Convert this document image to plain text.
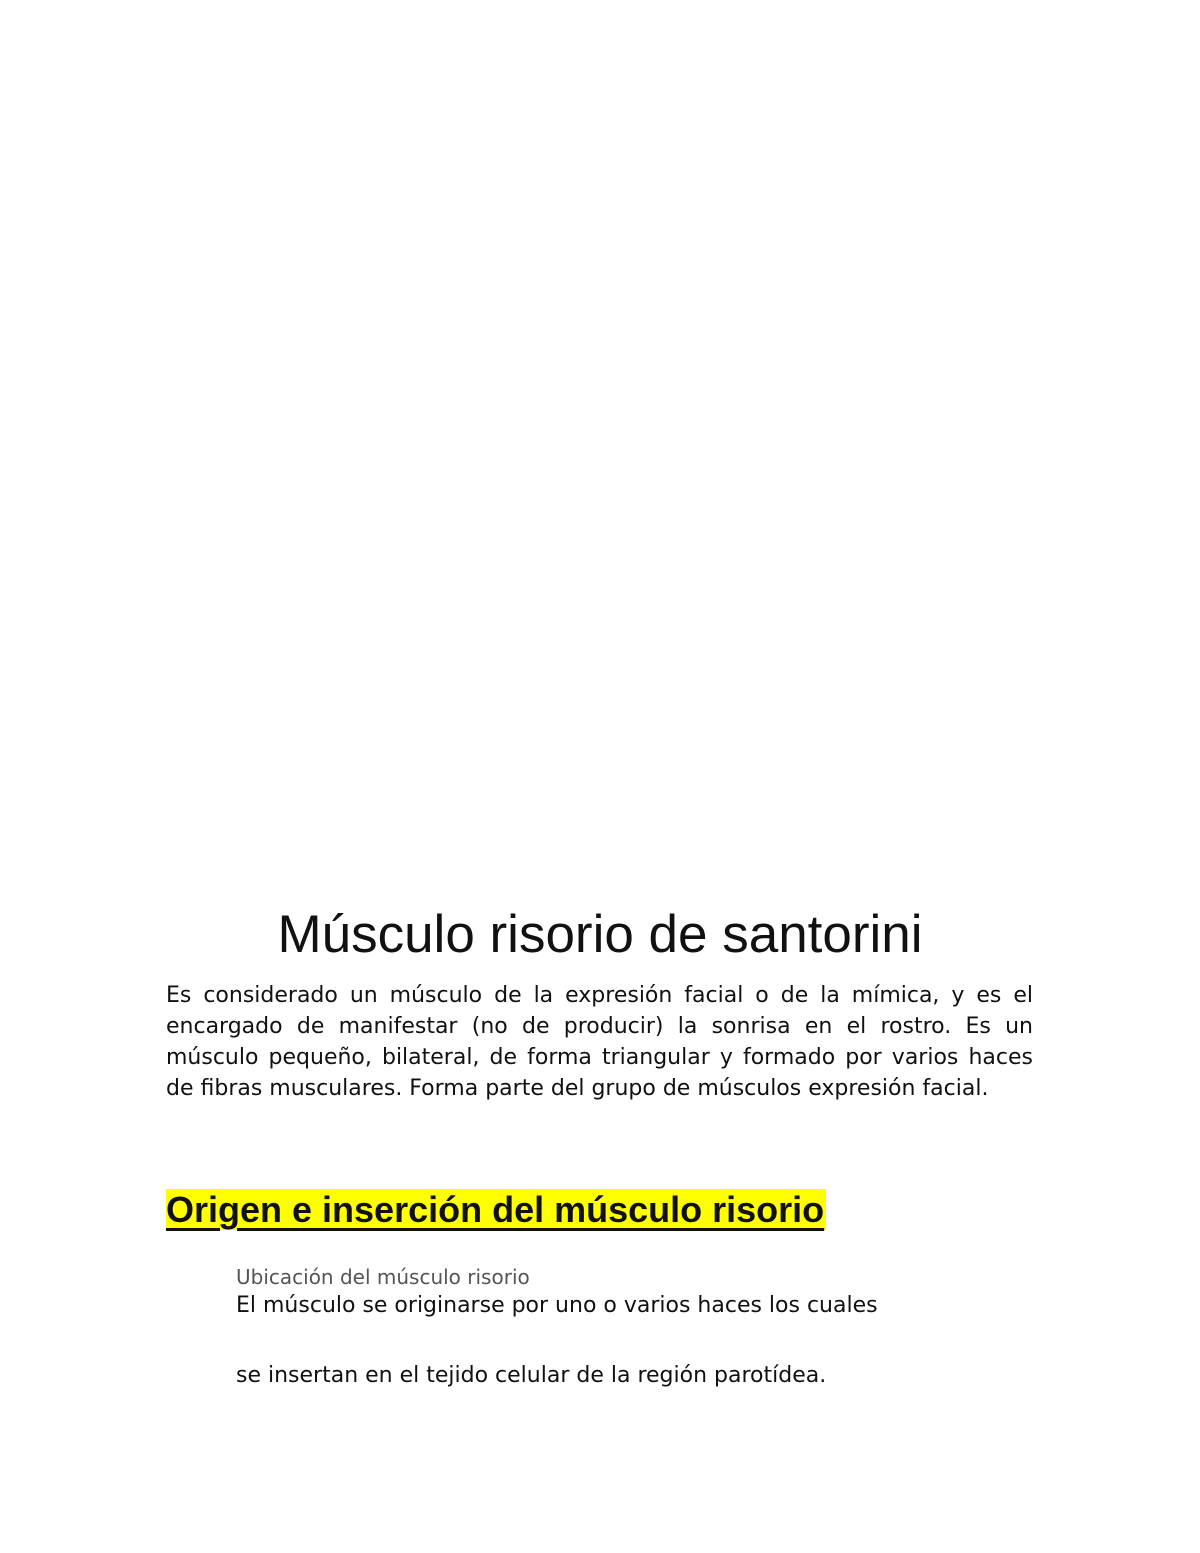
Músculo risorio de santorini

Es considerado un músculo de la expresión facial o de la mímica, y es el encargado de manifestar (no de producir) la sonrisa en el rostro. Es un músculo pequeño, bilateral, de forma triangular y formado por varios haces de fibras musculares. Forma parte del grupo de músculos expresión facial.

Origen e inserción del músculo risorio

Ubicación del músculo risorio

El músculo se originarse por uno o varios haces los cuales

se insertan en el tejido celular de la región parotídea.
